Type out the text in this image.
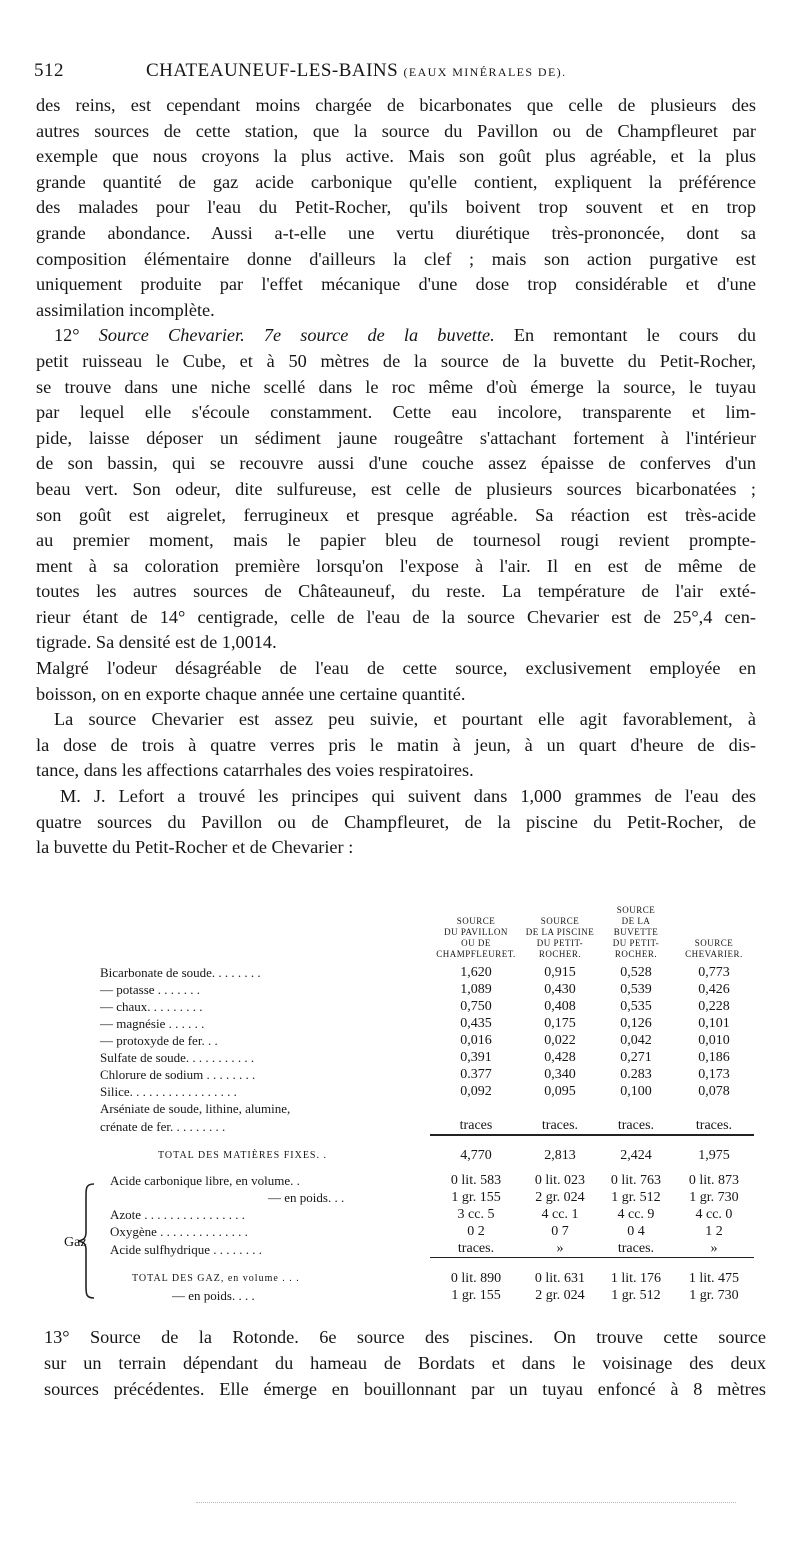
512	CHATEAUNEUF-LES-BAINS (EAUX MINÉRALES DE).

des reins, est cependant moins chargée de bicarbonates que celle de plusieurs des
autres sources de cette station, que la source du Pavillon ou de Champfleuret par
exemple que nous croyons la plus active. Mais son goût plus agréable, et la plus
grande quantité de gaz acide carbonique qu'elle contient, expliquent la préférence
des malades pour l'eau du Petit-Rocher, qu'ils boivent trop souvent et en trop
grande abondance. Aussi a-t-elle une vertu diurétique très-prononcée, dont sa
composition élémentaire donne d'ailleurs la clef ; mais son action purgative est
uniquement produite par l'effet mécanique d'une dose trop considérable et d'une
assimilation incomplète.

12° Source Chevarier. 7e source de la buvette. En remontant le cours du
petit ruisseau le Cube, et à 50 mètres de la source de la buvette du Petit-Rocher,
se trouve dans une niche scellé dans le roc même d'où émerge la source, le tuyau
par lequel elle s'écoule constamment. Cette eau incolore, transparente et lim-
pide, laisse déposer un sédiment jaune rougeâtre s'attachant fortement à l'intérieur
de son bassin, qui se recouvre aussi d'une couche assez épaisse de conferves d'un
beau vert. Son odeur, dite sulfureuse, est celle de plusieurs sources bicarbonatées ;
son goût est aigrelet, ferrugineux et presque agréable. Sa réaction est très-acide
au premier moment, mais le papier bleu de tournesol rougi revient prompte-
ment à sa coloration première lorsqu'on l'expose à l'air. Il en est de même de
toutes les autres sources de Châteauneuf, du reste. La température de l'air exté-
rieur étant de 14° centigrade, celle de l'eau de la source Chevarier est de 25°,4 cen-
tigrade. Sa densité est de 1,0014.

Malgré l'odeur désagréable de l'eau de cette source, exclusivement employée en
boisson, on en exporte chaque année une certaine quantité.

La source Chevarier est assez peu suivie, et pourtant elle agit favorablement, à
la dose de trois à quatre verres pris le matin à jeun, à un quart d'heure de dis-
tance, dans les affections catarrhales des voies respiratoires.

M. J. Lefort a trouvé les principes qui suivent dans 1,000 grammes de l'eau des
quatre sources du Pavillon ou de Champfleuret, de la piscine du Petit-Rocher, de
la buvette du Petit-Rocher et de Chevarier :

	SOURCE
DU PAVILLON
OU DE
CHAMPFLEURET.	SOURCE
DE LA PISCINE
DU PETIT-
ROCHER.	SOURCE
DE LA BUVETTE
DU PETIT-
ROCHER.	SOURCE
CHEVARIER.
Bicarbonate de soude. . . . . . . .	1,620	0,915	0,528	0,773
— potasse . . . . . . .	1,089	0,430	0,539	0,426
— chaux. . . . . . . . .	0,750	0,408	0,535	0,228
— magnésie . . . . . .	0,435	0,175	0,126	0,101
— protoxyde de fer. . .	0,016	0,022	0,042	0,010
Sulfate de soude. . . . . . . . . . .	0,391	0,428	0,271	0,186
Chlorure de sodium . . . . . . . .	0.377	0,340	0.283	0,173
Silice. . . . . . . . . . . . . . . . .	0,092	0,095	0,100	0,078
Arséniate de soude, lithine, alumine,				
crénate de fer. . . . . . . . .	traces	traces.	traces.	traces.
TOTAL DES MATIÈRES FIXES. .	4,770	2,813	2,424	1,975
Acide carbonique libre, en volume. .	0 lit. 583	0 lit. 023	0 lit. 763	0 lit. 873
— en poids. . .	1 gr. 155	2 gr. 024	1 gr. 512	1 gr. 730
Azote . . . . . . . . . . . . . . . .	3 cc. 5	4 cc. 1	4 cc. 9	4 cc. 0
Oxygène . . . . . . . . . . . . . .	0 2	0 7	0 4	1 2
Acide sulfhydrique . . . . . . . .	traces.	»	traces.	»
TOTAL DES GAZ, en volume . . .	0 lit. 890	0 lit. 631	1 lit. 176	1 lit. 475
— en poids. . . .	1 gr. 155	2 gr. 024	1 gr. 512	1 gr. 730
Gaz
13° Source de la Rotonde. 6e source des piscines. On trouve cette source
sur un terrain dépendant du hameau de Bordats et dans le voisinage des deux
sources précédentes. Elle émerge en bouillonnant par un tuyau enfoncé à 8 mètres
